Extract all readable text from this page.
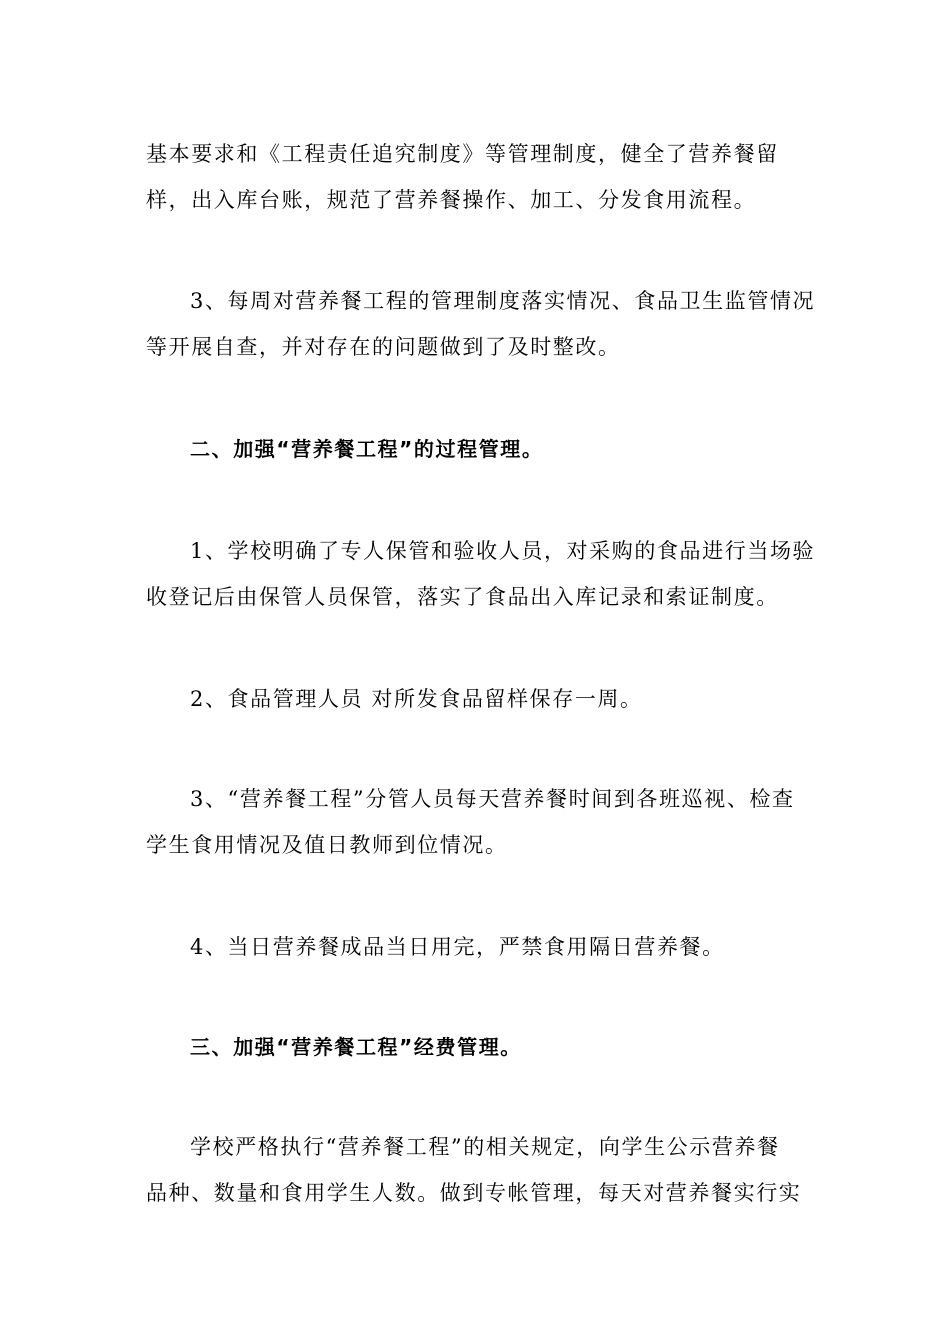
基本要求和《工程责任追究制度》等管理制度，健全了营养餐留
样，出入库台账，规范了营养餐操作、加工、分发食用流程。

3、每周对营养餐工程的管理制度落实情况、食品卫生监管情况
等开展自查，并对存在的问题做到了及时整改。

二、加强“营养餐工程”的过程管理。

1、学校明确了专人保管和验收人员，对采购的食品进行当场验
收登记后由保管人员保管，落实了食品出入库记录和索证制度。

2、食品管理人员 对所发食品留样保存一周。

3、“营养餐工程”分管人员每天营养餐时间到各班巡视、检查
学生食用情况及值日教师到位情况。

4、当日营养餐成品当日用完，严禁食用隔日营养餐。

三、加强“营养餐工程”经费管理。

学校严格执行“营养餐工程”的相关规定，向学生公示营养餐
品种、数量和食用学生人数。做到专帐管理，每天对营养餐实行实
